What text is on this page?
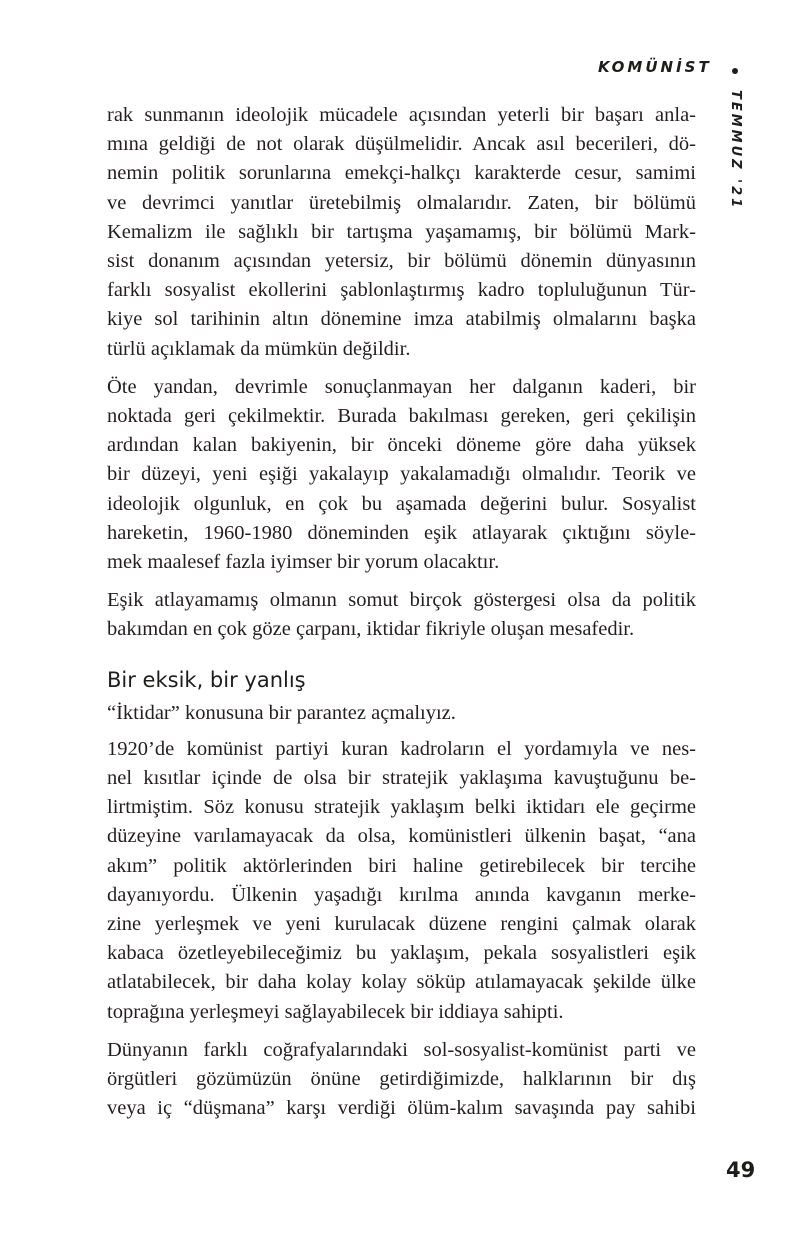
KOMÜNİST
TEMMUZ '21

rak sunmanın ideolojik mücadele açısından yeterli bir başarı anla-
mına geldiği de not olarak düşülmelidir. Ancak asıl becerileri, dö-
nemin politik sorunlarına emekçi-halkçı karakterde cesur, samimi
ve devrimci yanıtlar üretebilmiş olmalarıdır. Zaten, bir bölümü
Kemalizm ile sağlıklı bir tartışma yaşamamış, bir bölümü Mark-
sist donanım açısından yetersiz, bir bölümü dönemin dünyasının
farklı sosyalist ekollerini şablonlaştırmış kadro topluluğunun Tür-
kiye sol tarihinin altın dönemine imza atabilmiş olmalarını başka
türlü açıklamak da mümkün değildir.

Öte yandan, devrimle sonuçlanmayan her dalganın kaderi, bir
noktada geri çekilmektir. Burada bakılması gereken, geri çekilişin
ardından kalan bakiyenin, bir önceki döneme göre daha yüksek
bir düzeyi, yeni eşiği yakalayıp yakalamadığı olmalıdır. Teorik ve
ideolojik olgunluk, en çok bu aşamada değerini bulur. Sosyalist
hareketin, 1960-1980 döneminden eşik atlayarak çıktığını söyle-
mek maalesef fazla iyimser bir yorum olacaktır.

Eşik atlayamamış olmanın somut birçok göstergesi olsa da politik
bakımdan en çok göze çarpanı, iktidar fikriyle oluşan mesafedir.

Bir eksik, bir yanlış

“İktidar” konusuna bir parantez açmalıyız.

1920’de komünist partiyi kuran kadroların el yordamıyla ve nes-
nel kısıtlar içinde de olsa bir stratejik yaklaşıma kavuştuğunu be-
lirtmiştim. Söz konusu stratejik yaklaşım belki iktidarı ele geçirme
düzeyine varılamayacak da olsa, komünistleri ülkenin başat, “ana
akım” politik aktörlerinden biri haline getirebilecek bir tercihe
dayanıyordu. Ülkenin yaşadığı kırılma anında kavganın merke-
zine yerleşmek ve yeni kurulacak düzene rengini çalmak olarak
kabaca özetleyebileceğimiz bu yaklaşım, pekala sosyalistleri eşik
atlatabilecek, bir daha kolay kolay söküp atılamayacak şekilde ülke
toprağına yerleşmeyi sağlayabilecek bir iddiaya sahipti.

Dünyanın farklı coğrafyalarındaki sol-sosyalist-komünist parti ve
örgütleri gözümüzün önüne getirdiğimizde, halklarının bir dış
veya iç “düşmana” karşı verdiği ölüm-kalım savaşında pay sahibi

49
